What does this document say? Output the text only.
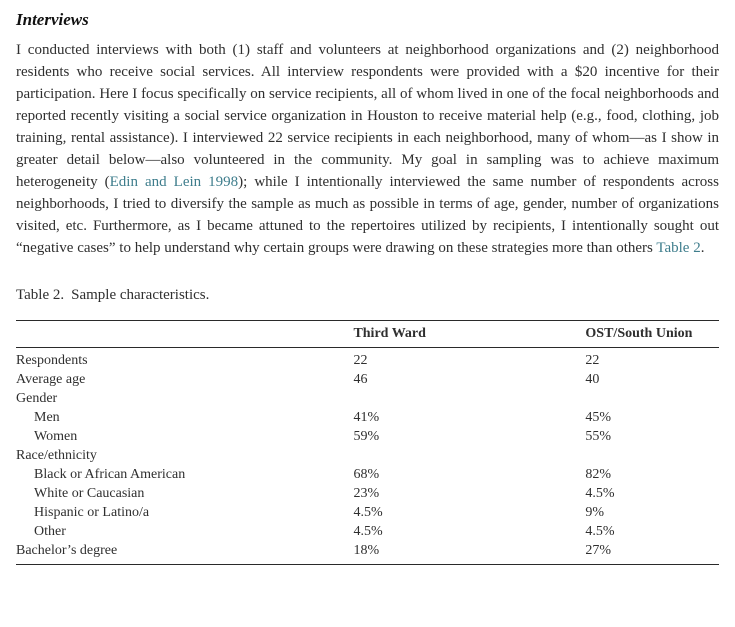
Interviews

I conducted interviews with both (1) staff and volunteers at neighborhood organizations and (2) neighborhood residents who receive social services. All interview respondents were provided with a $20 incentive for their participation. Here I focus specifically on service recipients, all of whom lived in one of the focal neighborhoods and reported recently visiting a social service organization in Houston to receive material help (e.g., food, clothing, job training, rental assistance). I interviewed 22 service recipients in each neighborhood, many of whom—as I show in greater detail below—also volunteered in the community. My goal in sampling was to achieve maximum heterogeneity (Edin and Lein 1998); while I intentionally interviewed the same number of respondents across neighborhoods, I tried to diversify the sample as much as possible in terms of age, gender, number of organizations visited, etc. Furthermore, as I became attuned to the repertoires utilized by recipients, I intentionally sought out “negative cases” to help understand why certain groups were drawing on these strategies more than others Table 2.

Table 2. Sample characteristics.
	Third Ward	OST/South Union
Respondents	22	22
Average age	46	40
Gender		
Men	41%	45%
Women	59%	55%
Race/ethnicity		
Black or African American	68%	82%
White or Caucasian	23%	4.5%
Hispanic or Latino/a	4.5%	9%
Other	4.5%	4.5%
Bachelor’s degree	18%	27%
